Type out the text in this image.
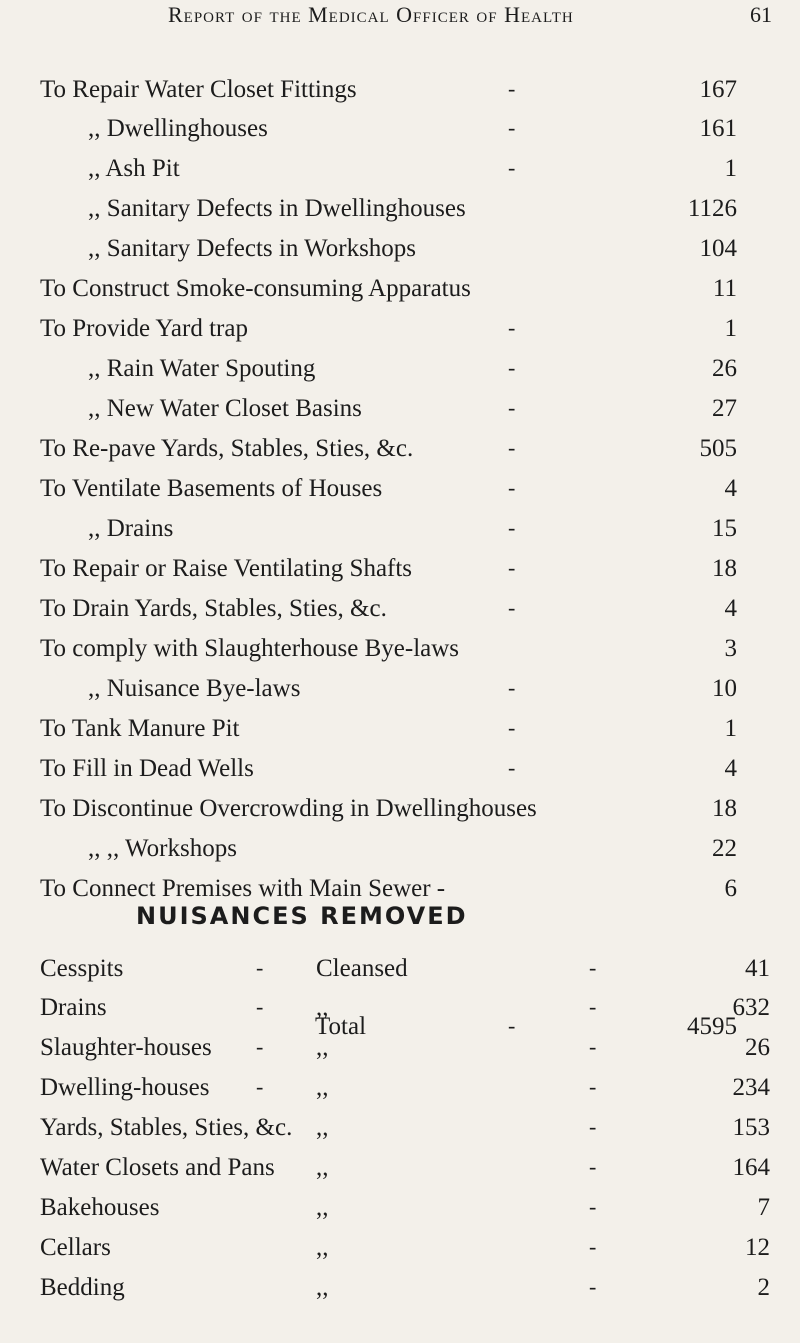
Report of the Medical Officer of Health	61
To Repair Water Closet Fittings	-	167
,, Dwellinghouses	-	161
,, Ash Pit	-	1
,, Sanitary Defects in Dwellinghouses	1126
,, Sanitary Defects in Workshops	104
To Construct Smoke-consuming Apparatus	11
To Provide Yard trap	-	1
,, Rain Water Spouting	-	26
,, New Water Closet Basins	-	27
To Re-pave Yards, Stables, Sties, &c.	-	505
To Ventilate Basements of Houses	-	4
,, Drains	-	15
To Repair or Raise Ventilating Shafts	-	18
To Drain Yards, Stables, Sties, &c.	-	4
To comply with Slaughterhouse Bye-laws	3
,, Nuisance Bye-laws	-	10
To Tank Manure Pit	-	1
To Fill in Dead Wells	-	4
To Discontinue Overcrowding in Dwellinghouses	18
,, ,, Workshops	22
To Connect Premises with Main Sewer -	6
Total	-	4595
NUISANCES REMOVED
Cesspits	- Cleansed	-	41
Drains	- ,,	-	632
Slaughter-houses - ,,	-	26
Dwelling-houses - ,,	-	234
Yards, Stables, Sties, &c. ,,	-	153
Water Closets and Pans ,,	-	164
Bakehouses	,,	-	7
Cellars	,,	-	12
Bedding	,,	-	2
